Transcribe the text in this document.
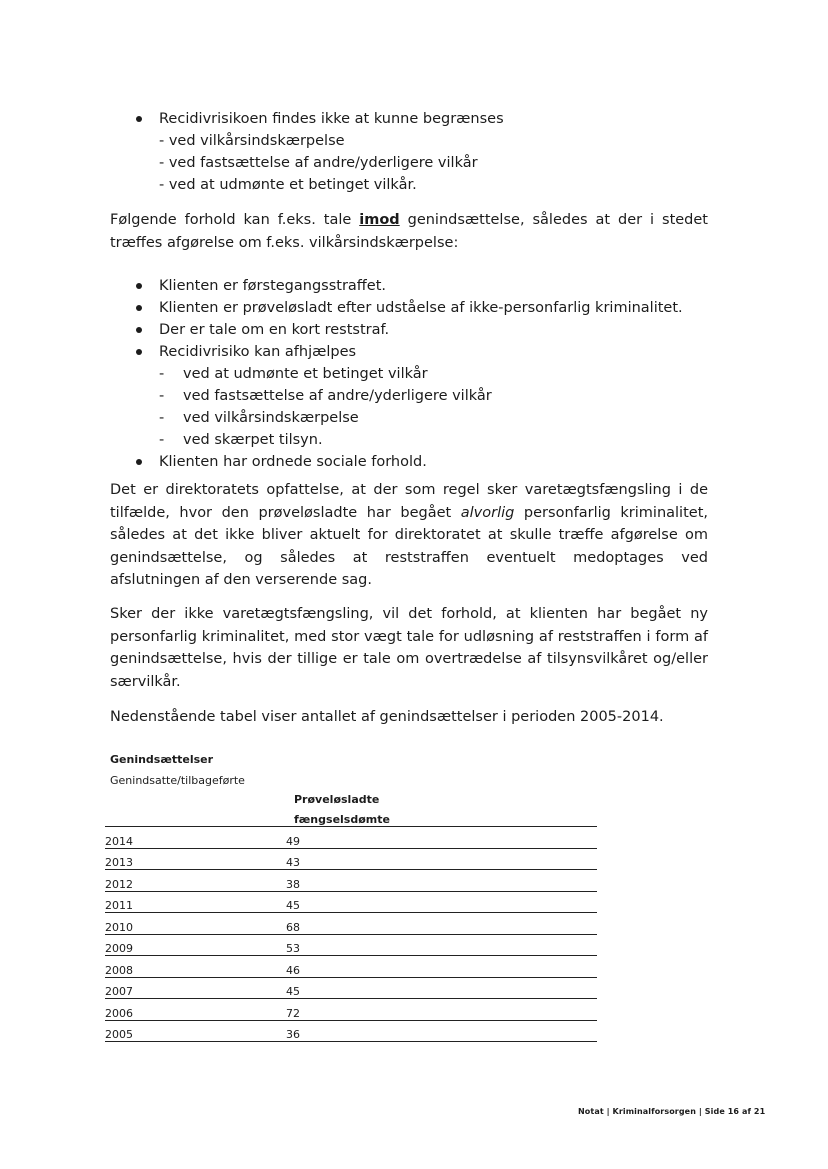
Recidivrisikoen findes ikke at kunne begrænses
- ved vilkårsindskærpelse
- ved fastsættelse af andre/yderligere vilkår
- ved at udmønte et betinget vilkår.

Følgende forhold kan f.eks. tale imod genindsættelse, således at der i stedet træffes afgørelse om f.eks. vilkårsindskærpelse:

Klienten er førstegangsstraffet.
Klienten er prøveløsladt efter udståelse af ikke-personfarlig kriminalitet.
Der er tale om en kort reststraf.
Recidivrisiko kan afhjælpes
- ved at udmønte et betinget vilkår
- ved fastsættelse af andre/yderligere vilkår
- ved vilkårsindskærpelse
- ved skærpet tilsyn.
Klienten har ordnede sociale forhold.

Det er direktoratets opfattelse, at der som regel sker varetægtsfængsling i de tilfælde, hvor den prøveløsladte har begået alvorlig personfarlig kriminalitet, således at det ikke bliver aktuelt for direktoratet at skulle træffe afgørelse om genindsættelse, og således at reststraffen eventuelt medoptages ved afslutningen af den verserende sag.

Sker der ikke varetægtsfængsling, vil det forhold, at klienten har begået ny personfarlig kriminalitet, med stor vægt tale for udløsning af reststraffen i form af genindsættelse, hvis der tillige er tale om overtrædelse af tilsynsvilkåret og/eller særvilkår.

Nedenstående tabel viser antallet af genindsættelser i perioden 2005-2014.

Genindsættelser
Genindsatte/tilbageførte
Prøveløsladte
fængselsdømte
2014	49
2013	43
2012	38
2011	45
2010	68
2009	53
2008	46
2007	45
2006	72
2005	36
Notat | Kriminalforsorgen | Side 16 af 21
